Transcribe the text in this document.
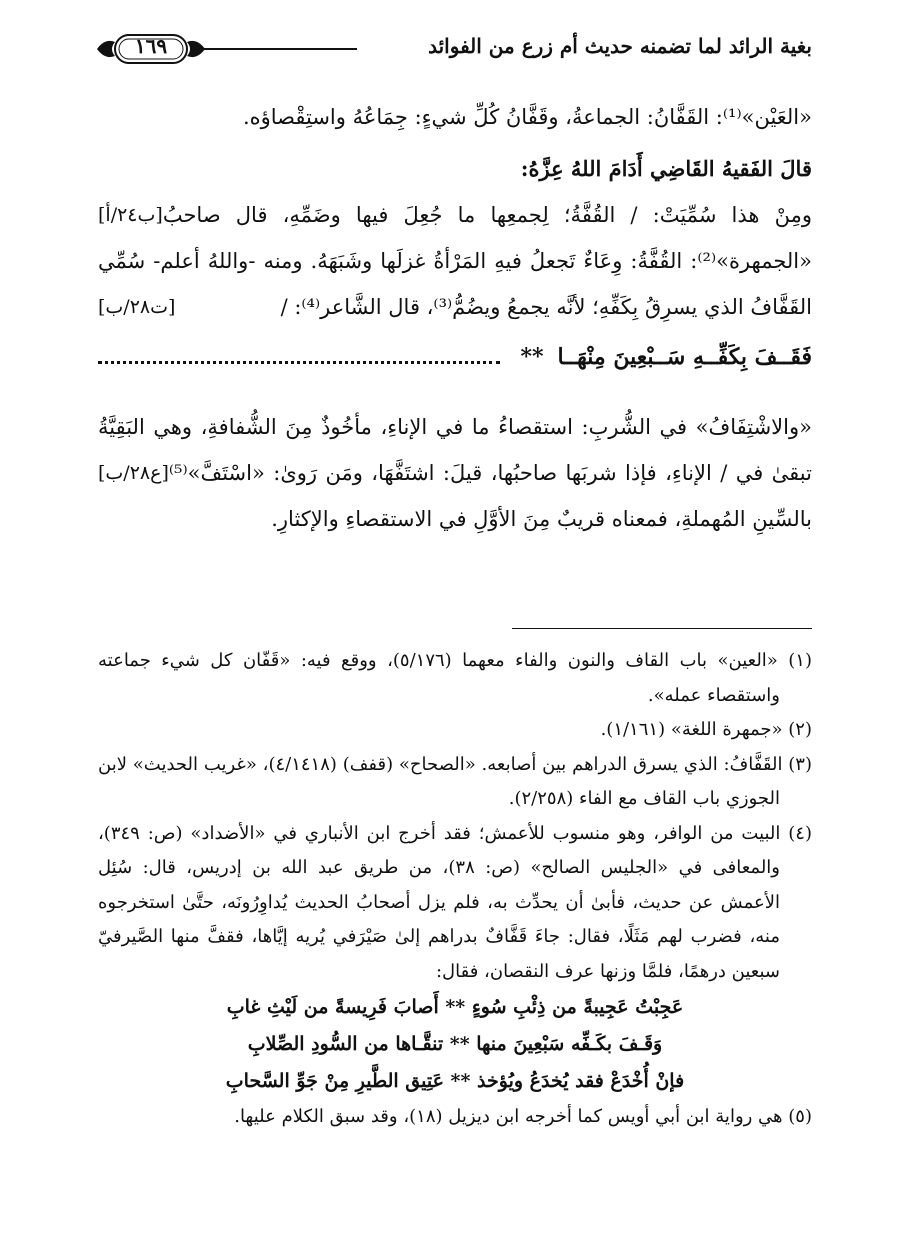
بغية الرائد لما تضمنه حديث أم زرع من الفوائد
١٦٩

«العَيْن»⁽¹⁾: القَفَّانُ: الجماعةُ، وقَفَّانُ كُلِّ شيءٍ: جِمَاعُهُ واستِقْصاؤه.

قالَ الفَقيهُ القَاضِي أَدَامَ اللهُ عِزَّهُ:

[ب٢٤/أ] ومِنْ هذا سُمِّيَتْ: / القُفَّةُ؛ لِجمعِها ما جُعِلَ فيها وضَمِّهِ، قال صاحبُ «الجمهرة»⁽²⁾: القُفَّةُ: وِعَاءٌ تَجعلُ فيهِ المَرْأةُ غزلَها وشَبَهَهُ. ومنه -واللهُ أعلم- سُمِّي القَفَّافُ الذي يسرِقُ بِكَفِّهِ؛ لأنَّه يجمعُ ويضُمُّ⁽³⁾، قال الشَّاعر⁽⁴⁾: /
[ت٢٨/ب]

فَقَــفَ بِكَفِّــهِ سَــبْعِينَ مِنْهَــا
**

«والاشْتِفَافُ» في الشُّربِ: استقصاءُ ما في الإناءِ، مأخُوذٌ مِنَ الشُّفافةِ، وهي البَقِيَّةُ تبقىٰ في / الإناءِ، فإذا شربَها صاحبُها، قيلَ: اشتَفَّهَا، ومَن رَوىٰ:
[ع٢٨/ب] «اسْتَفَّ»⁽⁵⁾ بالسِّينِ المُهملةِ، فمعناه قريبٌ مِنَ الأوَّلِ في الاستقصاءِ والإكثارِ.

(١) «العين» باب القاف والنون والفاء معهما (٥/١٧٦)، ووقع فيه: «قَفّان كل شيء جماعته واستقصاء عمله».

(٢) «جمهرة اللغة» (١/١٦١).

(٣) القَفَّافُ: الذي يسرق الدراهم بين أصابعه. «الصحاح» (قفف) (٤/١٤١٨)، «غريب الحديث» لابن الجوزي باب القاف مع الفاء (٢/٢٥٨).

(٤) البيت من الوافر، وهو منسوب للأعمش؛ فقد أخرج ابن الأنباري في «الأضداد» (ص: ٣٤٩)، والمعافى في «الجليس الصالح» (ص: ٣٨)، من طريق عبد الله بن إدريس، قال: سُئِل الأعمش عن حديث، فأبىٰ أن يحدِّث به، فلم يزل أصحابُ الحديث يُداوِرُونَه، حتَّىٰ استخرجوه منه، فضرب لهم مَثَلًا، فقال: جاءَ قَفَّافٌ بدراهم إلىٰ صَيْرَفي يُريه إيَّاها، فقفَّ منها الصَّيرفيّ سبعين درهمًا، فلمَّا وزنها عرف النقصان، فقال:

عَجِبْتُ عَجِيبةً من ذِئْبِ سُوءٍ ** أَصابَ فَرِيسةً من لَيْثِ غابِ

وَقَـفَ بكَـفِّه سَبْعِينَ منها ** تنقَّـاها من السُّودِ الصِّلابِ

فإنْ أُخْدَعْ فقد يُخدَعُ ويُؤخذ ** عَتِيق الطَّيرِ مِنْ جَوِّ السَّحابِ

(٥) هي رواية ابن أبي أويس كما أخرجه ابن ديزيل (١٨)، وقد سبق الكلام عليها.
